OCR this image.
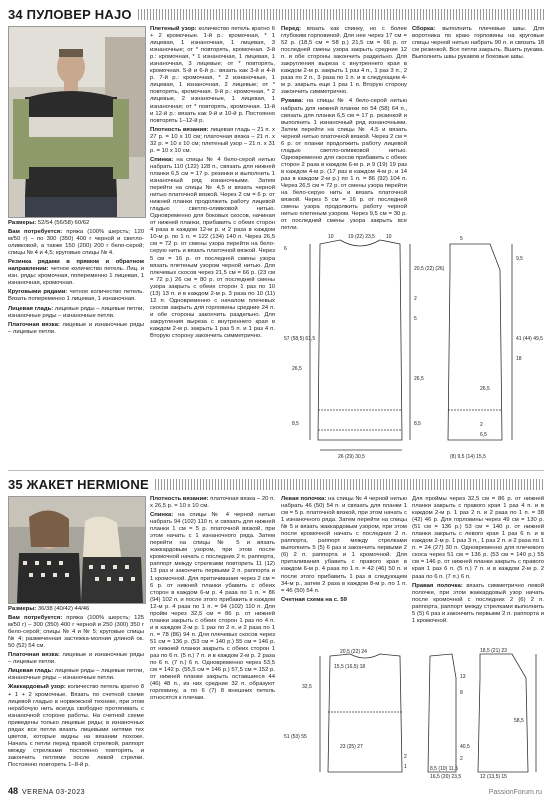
34 ПУЛОВЕР НАJO

Размеры: 52/54 (56/58) 60/62

Вам потребуется: пряжа (100% шерсть; 120 м/50 г) – по 300 (350) 400 г черной и светло-оливковой, а также 150 (200) 200 г бело-серой; спицы № 4 и 4,5; круговые спицы № 4.

Резинка рядами в прямом и обратном направлении: четное количество петель. Лиц. и изн. ряды: кромочная, попеременно 1 лицевая, 1 изнаночная, кромочная.

Круговыми рядами: четное количество петель. Вязать попеременно 1 лицевая, 1 изнаночная.

Лицевая гладь: лицевые ряды – лицевые петли, изнаночные ряды – изнаночные петли.

Платочная вязка: лицевые и изнаночные ряды – лицевые петли.

Плетеный узор: количество петель кратно 6 + 2 кромочные. 1-й р.: кромочная, * 1 лицевая, 1 изнаночная, 1 лицевая, 3 изнаночные; от * повторять, кромочная. 3-й р.: кромочная, * 1 изнаночная, 1 лицевая, 1 изнаночная, 3 лицевые; от * повторять, кромочная. 5-й и 6-й р.: вязать как 3-й и 4-й р. 7-й р.: кромочная, * 2 изнаночные, 1 лицевая, 1 изнаночная, 2 лицевые; от * повторять, кромочная. 9-й р.: кромочная, * 2 лицевые, 2 изнаночные, 1 лицевая, 1 изнаночная; от * повторять, кромочная. 11-й и 12-й р.: вязать как 9-й и 10-й р. Постоянно повторять 1–12-й р.

Плотность вязания: лицевая гладь – 21 п. х 27 р. = 10 х 10 см; платочная вязка – 21 п. х 32 р. = 10 х 10 см; плетеный узор – 21 п. х 31 р. = 10 х 10 см.

Спинка: на спицы № 4 бело-серой нитью набрать 110 (122) 128 п., связать для нижней планки 6,5 см = 17 р. резинки и выполнить 1 изнаночный ряд изнаночными. Затем перейти на спицы № 4,5 и вязать черной нитью платочной вязкой. Через 2 см = 6 р. от нижней планки продолжить работу лицевой гладью светло-оливковой нитью. Одновременно для боковых скосов, начиная от нижней планки, прибавить с обеих сторон 4 раза в каждом 12-м р. и 2 раза в каждом 10-м р. по 1 п. = 122 (134) 140 п. Через 26,5 см = 72 р. от смены узора перейти на бело-серую нить и вязать платочной вязкой. Через 5 см = 16 р. от последней смены узора вязать плетеным узором черной нитью. Для плечевых скосов через 21,5 см = 66 р. (23 см = 72 р.) 26 см = 80 р. от последней смены узора закрыть с обеих сторон 1 раз по 10 (13) 13 п. и в каждом 2-м р. 3 раза по 10 (11) 12 п. Одновременно с началом плечевых скосов закрыть для горловины средние 24 п. и обе стороны закончить раздельно. Для закругления выреза с внутреннего края в каждом 2-м р. закрыть 1 раз 5 п. и 1 раз 4 п. Вторую сторону закончить симметрично.

Перед: вязать как спинку, но с более глубоким горловиной. Для нее через 17 см = 52 р. (18,5 см = 58 р.) 21,5 см = 66 р. от последней смены узора закрыть средние 12 п. и обе стороны закончить раздельно. Для закругления выреза с внутреннего края в каждом 2-м р. закрыть 1 раз 4 п., 1 раз 3 п., 2 раза по 2 п., 3 раза по 1 п. и в следующем 4-м р. закрыть еще 1 раз 1 п. Вторую сторону закончить симметрично.

Рукава: на спицы № 4 бело-серой нитью набрать для нижней планки по 54 (58) 64 п., связать для планки 6,5 см = 17 р. резинкой и выполнить 1 изнаночный ряд изнаночными. Затем перейти на спицы № 4,5 и вязать черной нитью платочной вязкой. Через 2 см = 6 р. от планки продолжить работу лицевой гладью светло-оливковой нитью. Одновременно для скосов прибавить с обеих сторон 2 раза в каждом 6-м р. и 9 (19) 19 раз в каждом 4-м р. (17 раз в каждом 4-м р. и 14 раз в каждом 2-м р.) по 1 п. = 86 (92) 104 п. Через 26,5 см = 72 р. от смены узора перейти на бело-серую нить и вязать платочной вязкой. Через 5 см = 16 р. от последней смены узора продолжить работу черной нитью плетеным узором. Через 9,5 см = 30 р. от последней смены узора закрыть все петли.

Сборка: выполнить плечевые швы. Для воротника по краю горловины на круговые спицы черной нитью набрать 90 п. и связать 18 см резинкой. Все петли закрыть. Вшить рукава. Выполнить швы рукавов и боковые швы.

10	19 (22) 23,5 10
6
57 (58,5) 61,5
26,5
8,5
20,5 (22) (26)
2
5
26,5
8,5
26 (29) 30,5
5
9,5
41 (44) 49,5
18
26,5
2
6,5
(8) 9,5 (14) 15,5
35 ЖАКЕТ HERMIONE

Размеры: 36/38 (40/42) 44/46

Вам потребуется: пряжа (100% шерсть; 125 м/50 г) – 300 (350) 400 г черной и 250 (300) 350 г бело-серой; спицы № 4 и № 5; круговые спицы № 4; размеченная застежка-молния длиной ок. 50 (52) 54 см.

Платочная вязка: лицевые и изнаночные ряды – лицевые петли.

Лицевая гладь: лицевые ряды – лицевые петли, изнаночные ряды – изнаночные петли.

Жаккардовый узор: количество петель кратно 8 + 1 + 2 кромочные. Вязать по счетной схеме лицевой гладью в норвежской технике, при этом нерабочую нить всегда свободно протягивать с изнаночной стороне работы. На счетной схеме приведены только лицевые ряды; в изнаночных рядах все петли вязать лицевыми нитями тех цветов, которые видны на вязании похоже. Начать с петли перед правой стрелкой, раппорт между стрелками постоянно повторять и закончить петлями после левой стрелки. Постоянно повторять 1–8-й р.

Плотность вязания: платочная вязка – 20 п. х 26,5 р. = 10 х 10 см.

Спинка: на спицы № 4 черной нитью набрать 94 (102) 110 п. и связать для нижней планки 1 см = 5 р. платочной вязкой, при этом начать с 1 изнаночного ряда. Затем перейти на спицы № 5 и вязать жаккардовым узором, при этом после кромочной начать с последних 2 п. раппорта, раппорт между стрелками повторить 11 (12) 13 раз и закончить первыми 2 п. раппорта и 1 кромочной. Для притачивания через 2 см = 6 р. от нижней планки убавить с обеих сторон в каждом 6-м р. 4 раза по 1 п. = 86 (94) 102 п. и после этого прибавить в каждом 12-м р. 4 раза по 1 п. = 94 (102) 110 п. Для пройм через 32,5 см = 86 р. от нижней планки закрыть с обеих сторон 1 раз по 4 п. и в каждом 2-м р. 1 раз по 2 п. и 2 раза по 1 п. = 78 (86) 94 п. Для плечевых скосов через 51 см = 136 р. (53 см = 140 р.) 55 см = 146 р. от нижней планки закрыть с обеих сторон 1 раз по 6 п. (5 п.) 7 п. и в каждом 2-м р. 2 раза по 6 п. (7 п.) 6 п. Одновременно через 53,5 см = 142 р. (55,5 см = 146 р.) 57,5 см = 152 р. от нижней планки закрыть оставшиеся 44 (46) 48 п., из них средние 32 п. образуют горловину, а по 6 (7) 8 внешних петель относятся к плечам.

Левая полочка: на спицы № 4 черной нитью набрать 46 (50) 54 п. и связать для планки 1 см = 5 р. платочной вязкой, при этом начать с 1 изнаночного ряда. Затем перейти на спицы № 5 и вязать жаккардовым узором, при этом после кромочной начать с последних 2 п. раппорта, раппорт между стрелками выполнить 5 (5) 6 раз и закончить первыми 2 (6) 2 п. раппорта и 1 кромочной. Для приталивания убавить с правого края в каждом 6-м р. 4 раза по 1 п. = 42 (46) 50 п. и после этого прибавить 1 раз в следующем 34-м р., затем 2 раза в каждом 8-м р. по 1 п. = 46 (50) 54 п.

Счетная схема на с. 59

Для проймы через 32,5 см = 86 р. от нижней планки закрыть с правого края 1 раз 4 п. и в каждом 2-м р. 1 раз 2 п. и 2 раза по 1 п. = 38 (42) 46 р. Для горловины через 49 см = 130 р. (51 см = 136 р.) 53 см = 140 р. от нижней планки закрыть с левого края 1 раз 6 п. и в каждом 2-м р. 1 раз 3 п., 1 раз 2 п. и 2 раза по 1 п. = 24 (27) 30 п. Одновременно для плечевого скоса через 51 см = 136 р. (53 см = 140 р.) 55 см = 146 р. от нижней планки закрыть с правого края 1 раз 6 п. (5 п.) 7 п. и в каждом 2-м р. 2 раза по 6 п. (7 п.) 6 п.

Правая полочка: вязать симметрично левой полочке, при этом жаккардовый узор начать после кромочной с последних 2 (6) 2 п. раппорта, раппорт между стрелками выполнить 5 (5) 6 раз и закончить первыми 2 п. раппорта и 1 кромочной.

20,5 (22) 24
15,5 (16,5) 18
32,5
51 (53) 55
23 (25) 27
2
1
18,5 (21) 23
13
8
58,5
40,5
2
12 (13,5) 15
16,5 (20) 23,5
8,5 (10) 11,5
48 VERENA 03-2023	PassionForum.ru
